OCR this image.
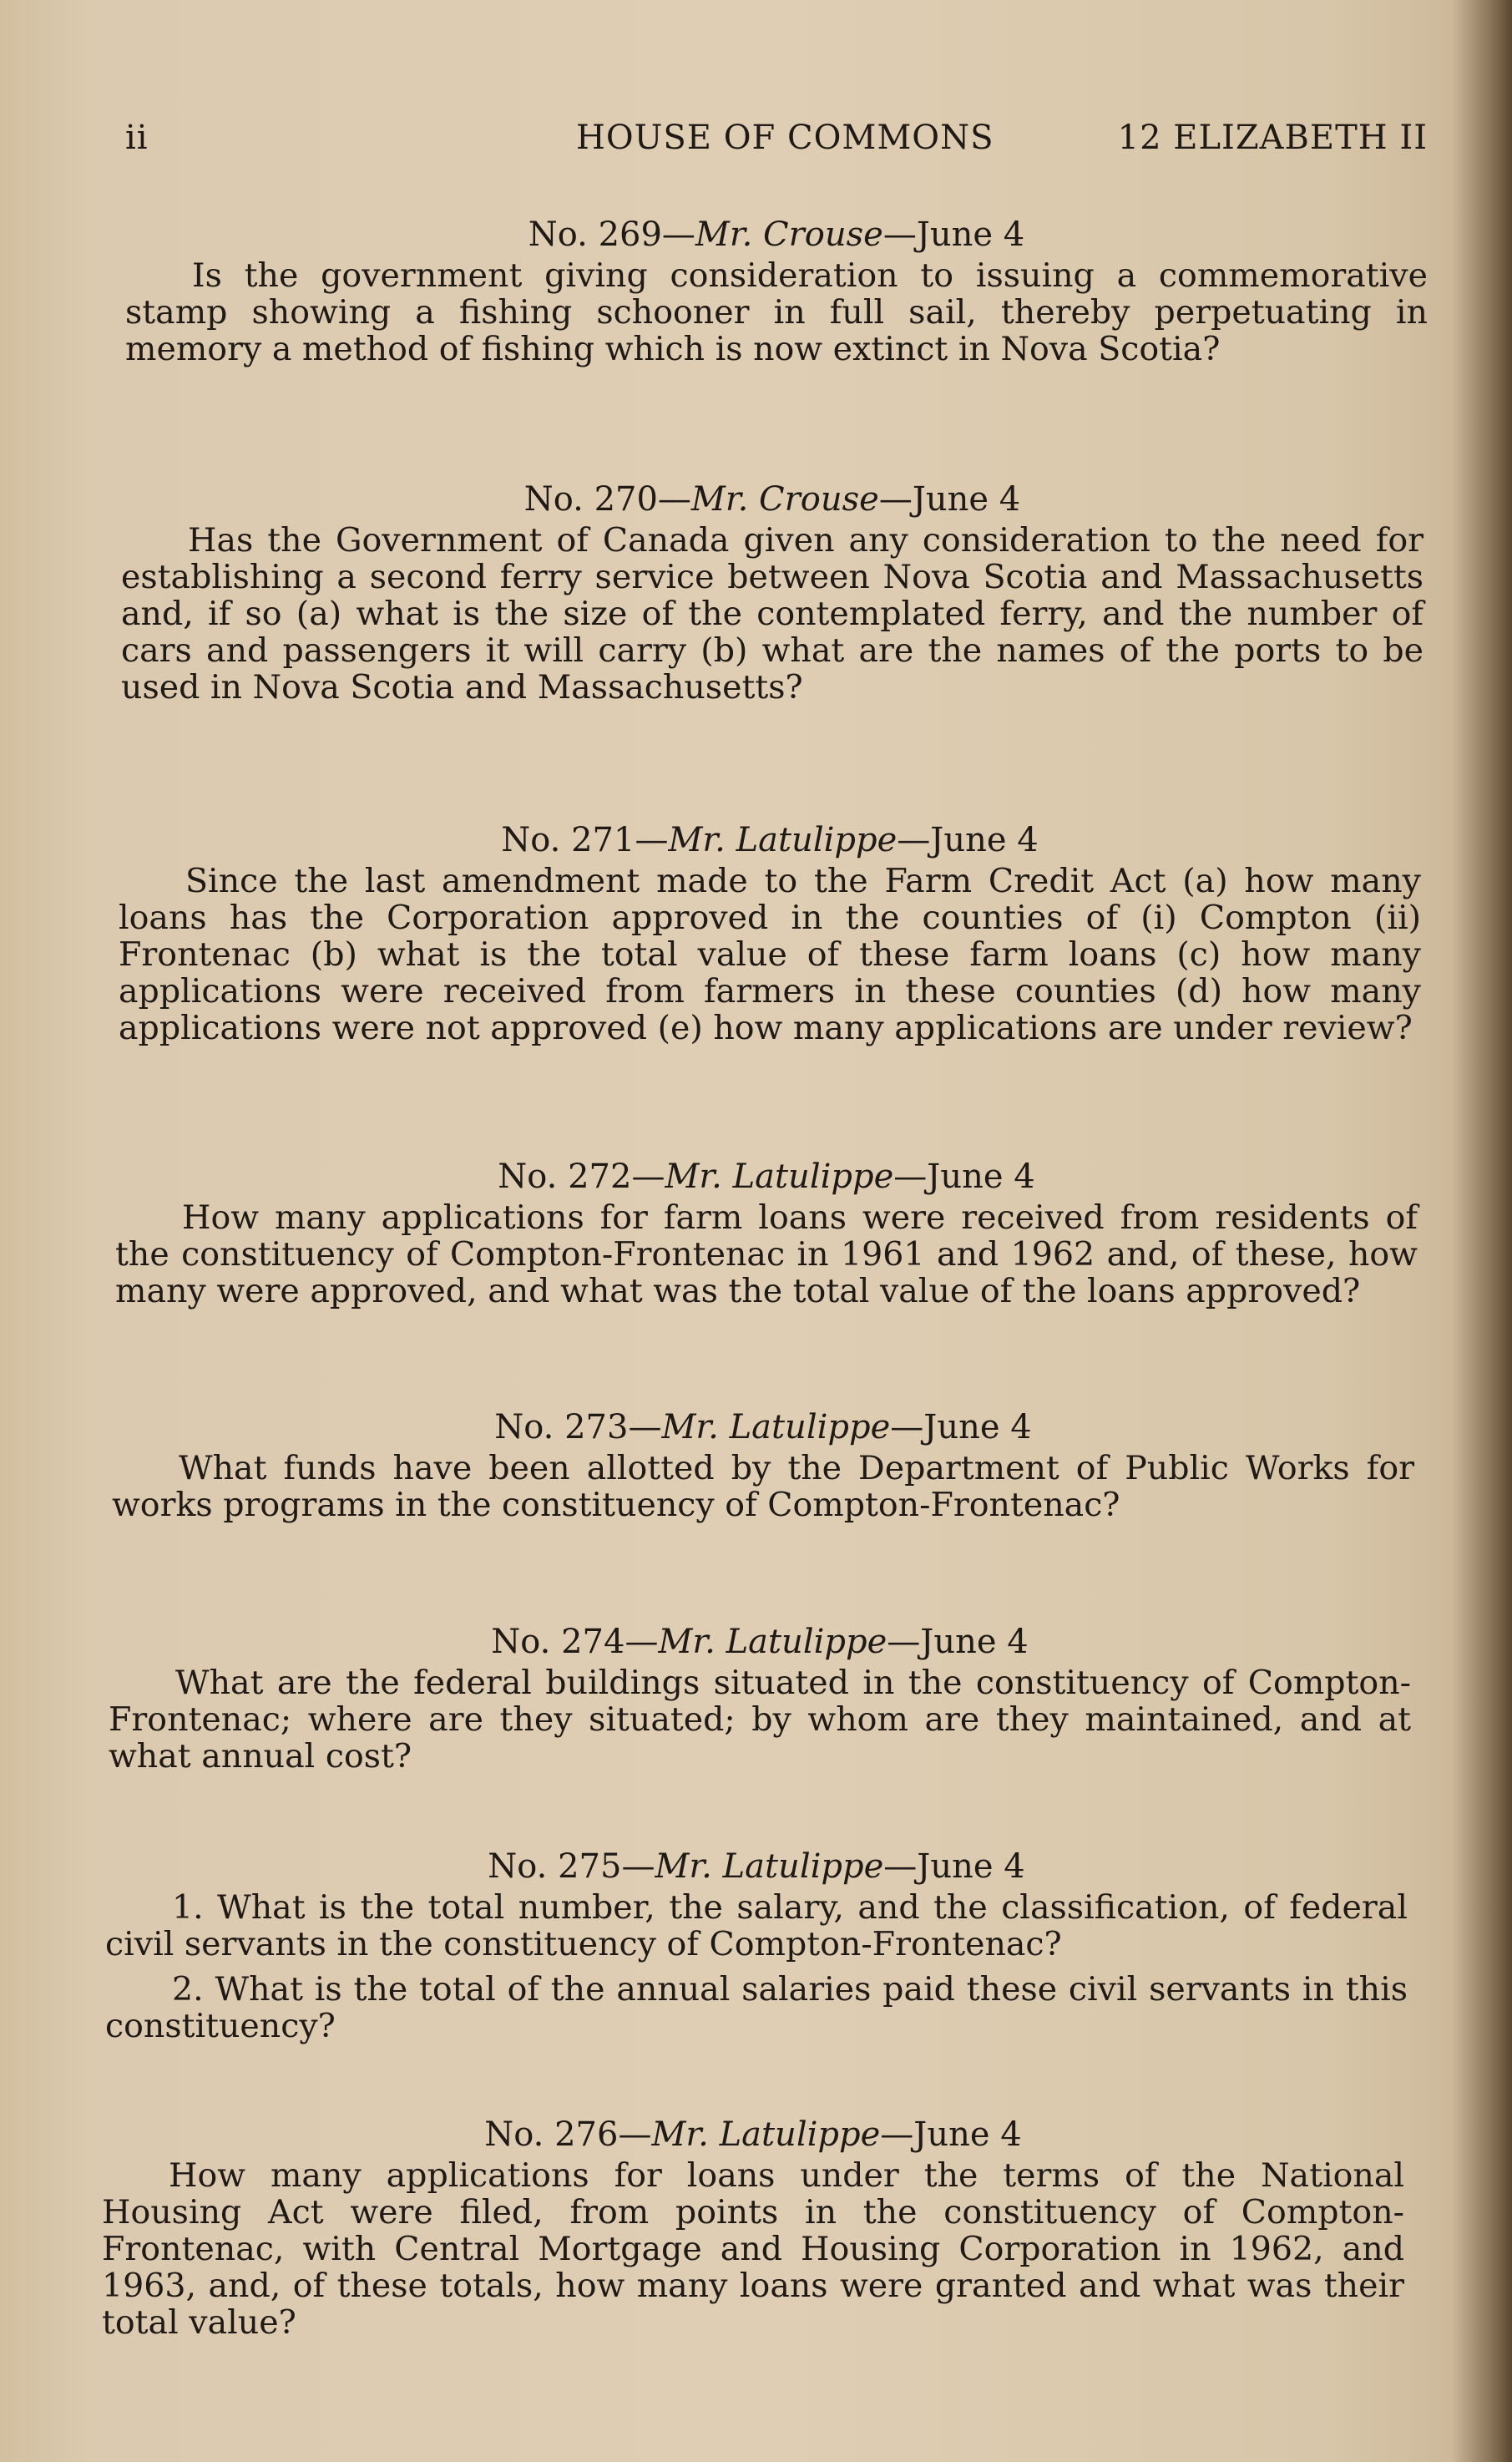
ii	HOUSE OF COMMONS	12 ELIZABETH II
No. 269—Mr. Crouse—June 4

Is the government giving consideration to issuing a commemorative stamp showing a fishing schooner in full sail, thereby perpetuating in memory a method of fishing which is now extinct in Nova Scotia?

No. 270—Mr. Crouse—June 4

Has the Government of Canada given any consideration to the need for establishing a second ferry service between Nova Scotia and Massachusetts and, if so (a) what is the size of the contemplated ferry, and the number of cars and passengers it will carry (b) what are the names of the ports to be used in Nova Scotia and Massachusetts?

No. 271—Mr. Latulippe—June 4

Since the last amendment made to the Farm Credit Act (a) how many loans has the Corporation approved in the counties of (i) Compton (ii) Frontenac (b) what is the total value of these farm loans (c) how many applications were received from farmers in these counties (d) how many applications were not approved (e) how many applications are under review?

No. 272—Mr. Latulippe—June 4

How many applications for farm loans were received from residents of the constituency of Compton-Frontenac in 1961 and 1962 and, of these, how many were approved, and what was the total value of the loans approved?

No. 273—Mr. Latulippe—June 4

What funds have been allotted by the Department of Public Works for works programs in the constituency of Compton-Frontenac?

No. 274—Mr. Latulippe—June 4

What are the federal buildings situated in the constituency of Compton-Frontenac; where are they situated; by whom are they maintained, and at what annual cost?

No. 275—Mr. Latulippe—June 4

1. What is the total number, the salary, and the classification, of federal civil servants in the constituency of Compton-Frontenac?

2. What is the total of the annual salaries paid these civil servants in this constituency?

No. 276—Mr. Latulippe—June 4

How many applications for loans under the terms of the National Housing Act were filed, from points in the constituency of Compton-Frontenac, with Central Mortgage and Housing Corporation in 1962, and 1963, and, of these totals, how many loans were granted and what was their total value?
